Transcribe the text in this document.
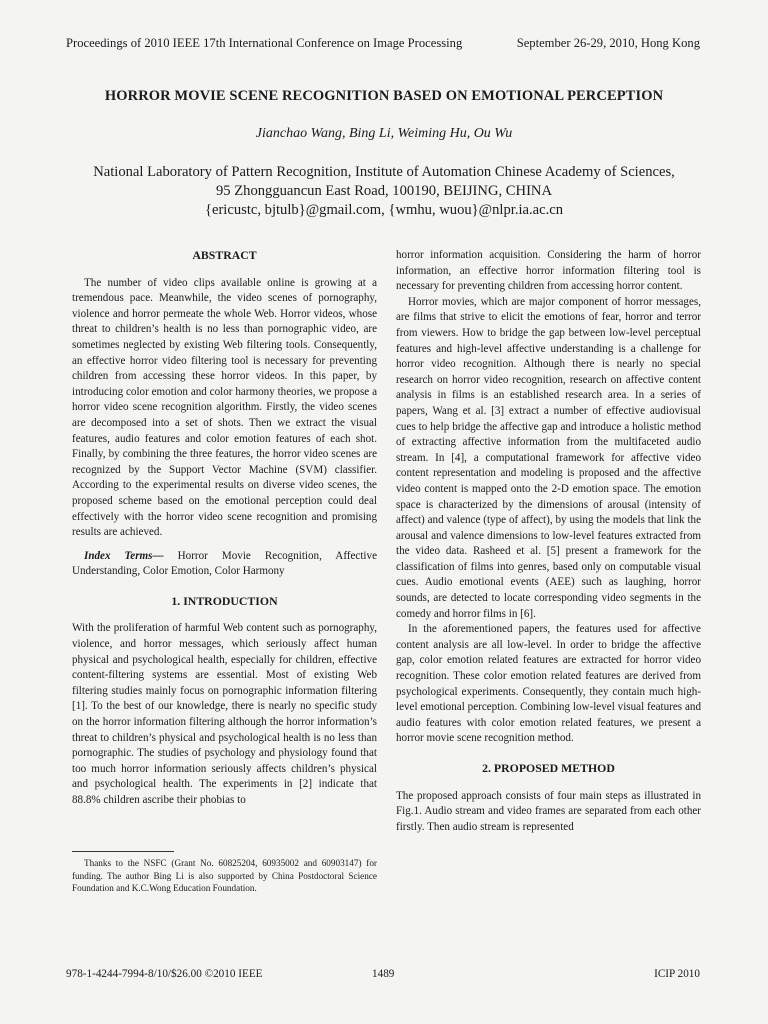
Proceedings of 2010 IEEE 17th International Conference on Image Processing	September 26-29, 2010, Hong Kong
HORROR MOVIE SCENE RECOGNITION BASED ON EMOTIONAL PERCEPTION
Jianchao Wang, Bing Li, Weiming Hu, Ou Wu
National Laboratory of Pattern Recognition, Institute of Automation Chinese Academy of Sciences,
95 Zhongguancun East Road, 100190, BEIJING, CHINA
{ericustc, bjtulb}@gmail.com, {wmhu, wuou}@nlpr.ia.ac.cn
ABSTRACT

The number of video clips available online is growing at a tremendous pace. Meanwhile, the video scenes of pornography, violence and horror permeate the whole Web. Horror videos, whose threat to children’s health is no less than pornographic video, are sometimes neglected by existing Web filtering tools. Consequently, an effective horror video filtering tool is necessary for preventing children from accessing these horror videos. In this paper, by introducing color emotion and color harmony theories, we propose a horror video scene recognition algorithm. Firstly, the video scenes are decomposed into a set of shots. Then we extract the visual features, audio features and color emotion features of each shot. Finally, by combining the three features, the horror video scenes are recognized by the Support Vector Machine (SVM) classifier. According to the experimental results on diverse video scenes, the proposed scheme based on the emotional perception could deal effectively with the horror video scene recognition and promising results are achieved.

Index Terms— Horror Movie Recognition, Affective Understanding, Color Emotion, Color Harmony

1. INTRODUCTION

With the proliferation of harmful Web content such as pornography, violence, and horror messages, which seriously affect human physical and psychological health, especially for children, effective content-filtering systems are essential. Most of existing Web filtering studies mainly focus on pornographic information filtering [1]. To the best of our knowledge, there is nearly no specific study on the horror information filtering although the horror information’s threat to children’s physical and psychological health is no less than pornographic. The studies of psychology and physiology found that too much horror information seriously affects children’s physical and psychological health. The experiments in [2] indicate that 88.8% children ascribe their phobias to

Thanks to the NSFC (Grant No. 60825204, 60935002 and 60903147) for funding. The author Bing Li is also supported by China Postdoctoral Science Foundation and K.C.Wong Education Foundation.

horror information acquisition. Considering the harm of horror information, an effective horror information filtering tool is necessary for preventing children from accessing horror content.

Horror movies, which are major component of horror messages, are films that strive to elicit the emotions of fear, horror and terror from viewers. How to bridge the gap between low-level perceptual features and high-level affective understanding is a challenge for horror video recognition. Although there is nearly no special research on horror video recognition, research on affective content analysis in films is an established research area. In a series of papers, Wang et al. [3] extract a number of effective audiovisual cues to help bridge the affective gap and introduce a holistic method of extracting affective information from the multifaceted audio stream. In [4], a computational framework for affective video content representation and modeling is proposed and the affective video content is mapped onto the 2-D emotion space. The emotion space is characterized by the dimensions of arousal (intensity of affect) and valence (type of affect), by using the models that link the arousal and valence dimensions to low-level features extracted from the video data. Rasheed et al. [5] present a framework for the classification of films into genres, based only on computable visual cues. Audio emotional events (AEE) such as laughing, horror sounds, are detected to locate corresponding video segments in the comedy and horror films in [6].

In the aforementioned papers, the features used for affective content analysis are all low-level. In order to bridge the affective gap, color emotion related features are extracted for horror video recognition. These color emotion related features are derived from psychological experiments. Consequently, they contain much high-level emotional perception. Combining low-level visual features and audio features with color emotion related features, we present a horror movie scene recognition method.

2. PROPOSED METHOD

The proposed approach consists of four main steps as illustrated in Fig.1. Audio stream and video frames are separated from each other firstly. Then audio stream is represented

978-1-4244-7994-8/10/$26.00 ©2010 IEEE	1489	ICIP 2010
